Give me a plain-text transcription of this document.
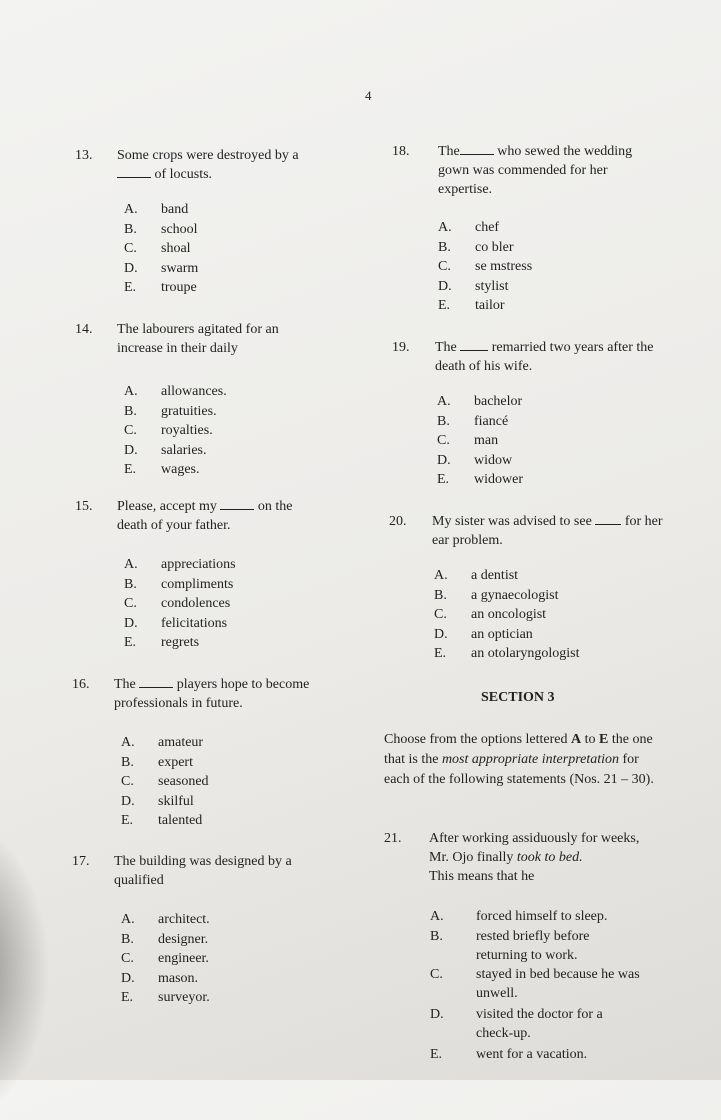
4
13. Some crops were destroyed by a
of locusts.
A. band
B. school
C. shoal
D. swarm
E. troupe
14. The labourers agitated for an increase in their daily
A. allowances.
B. gratuities.
C. royalties.
D. salaries.
E. wages.
15. Please, accept my	on the
death of your father.
A. appreciations
B. compliments
C. condolences
D. felicitations
E. regrets
16. The	players hope to become professionals in future.
A. amateur
B. expert
C. seasoned
D. skilful
E. talented
17. The building was designed by a qualified
A. architect.
B. designer.
C. engineer.
D. mason.
E. surveyor.
18. The	who sewed the wedding gown was commended for her expertise.
A. chef
B. co bler
C. se mstress
D. stylist
E. tailor
19. The	remarried two years after the death of his wife.
A. bachelor
B. fiancé
C. man
D. widow
E. widower
20. My sister was advised to see for her ear problem.
A. a dentist
B. a gynaecologist
C. an oncologist
D. an optician
E. an otolaryngologist
SECTION 3
Choose from the options lettered A to E the one that is the most appropriate interpretation for each of the following statements (Nos. 21 – 30).
21. After working assiduously for weeks, Mr. Ojo finally took to bed.
This means that he
A. forced himself to sleep.
B. rested briefly before returning to work.
C. stayed in bed because he was unwell.
D. visited the doctor for a check-up.
E. went for a vacation.
